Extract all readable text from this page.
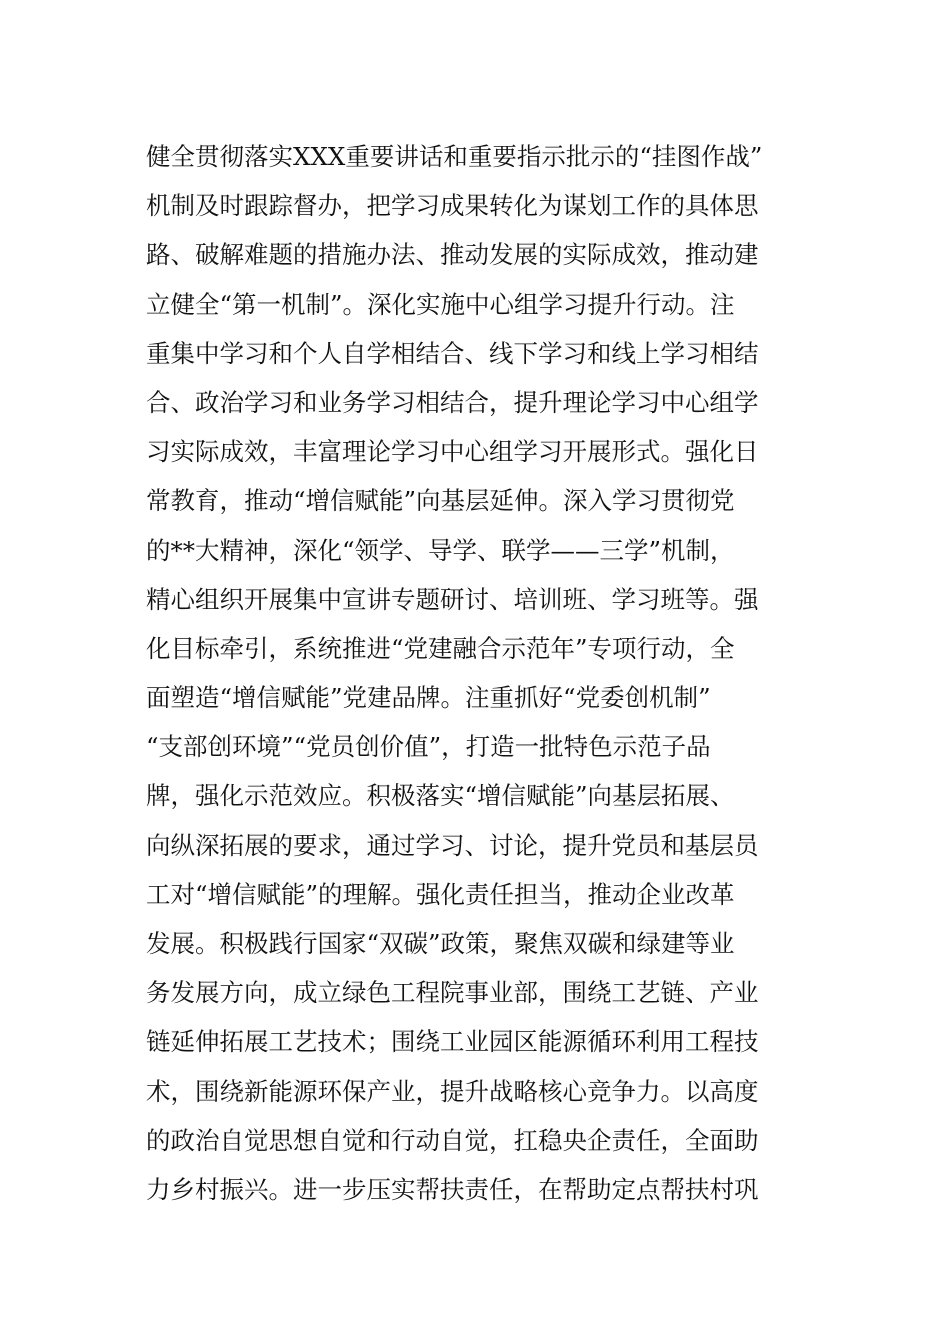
健全贯彻落实XXX重要讲话和重要指示批示的“挂图作战”
机制及时跟踪督办，把学习成果转化为谋划工作的具体思
路、破解难题的措施办法、推动发展的实际成效，推动建
立健全“第一机制”。深化实施中心组学习提升行动。注
重集中学习和个人自学相结合、线下学习和线上学习相结
合、政治学习和业务学习相结合，提升理论学习中心组学
习实际成效，丰富理论学习中心组学习开展形式。强化日
常教育，推动“增信赋能”向基层延伸。深入学习贯彻党
的**大精神，深化“领学、导学、联学——三学”机制，
精心组织开展集中宣讲专题研讨、培训班、学习班等。强
化目标牵引，系统推进“党建融合示范年”专项行动，全
面塑造“增信赋能”党建品牌。注重抓好“党委创机制”
“支部创环境”“党员创价值”，打造一批特色示范子品
牌，强化示范效应。积极落实“增信赋能”向基层拓展、
向纵深拓展的要求，通过学习、讨论，提升党员和基层员
工对“增信赋能”的理解。强化责任担当，推动企业改革
发展。积极践行国家“双碳”政策，聚焦双碳和绿建等业
务发展方向，成立绿色工程院事业部，围绕工艺链、产业
链延伸拓展工艺技术；围绕工业园区能源循环利用工程技
术，围绕新能源环保产业，提升战略核心竞争力。以高度
的政治自觉思想自觉和行动自觉，扛稳央企责任，全面助
力乡村振兴。进一步压实帮扶责任，在帮助定点帮扶村巩
